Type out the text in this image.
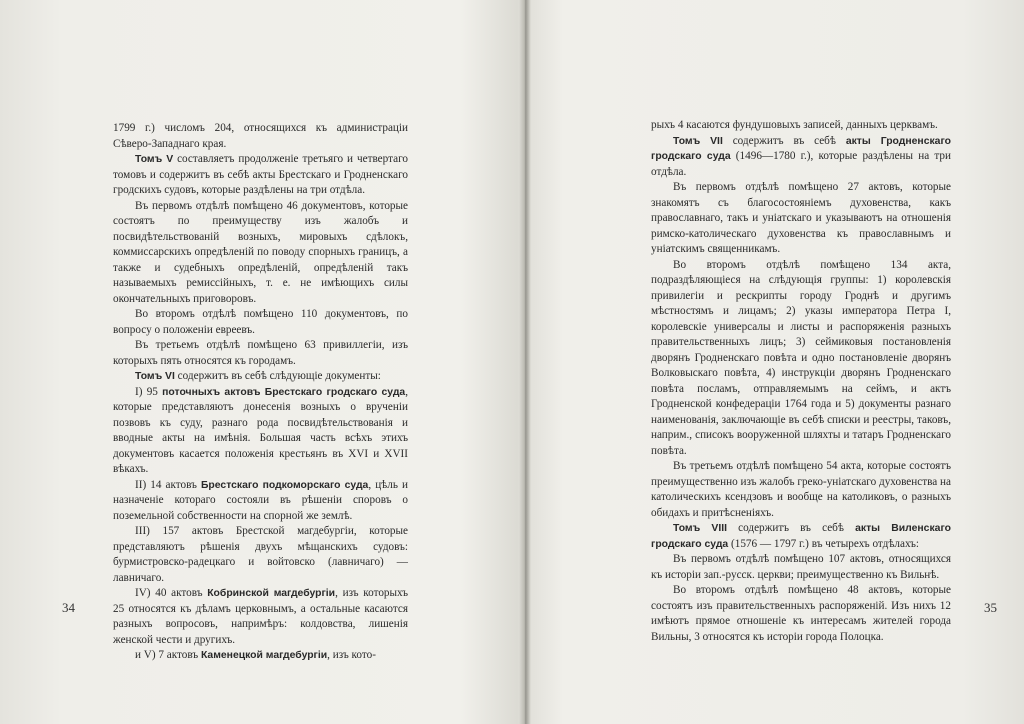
1799 г.) числомъ 204, относящихся къ администраціи Сѣверо-Западнаго края.

Томъ V составляетъ продолженіе третьяго и четвертаго томовъ и содержитъ въ себѣ акты Брестскаго и Гродненскаго гродскихъ судовъ, которые раздѣлены на три отдѣла.

Въ первомъ отдѣлѣ помѣщено 46 документовъ, которые состоятъ по преимуществу изъ жалобъ и посвидѣтельствованій возныхъ, мировыхъ сдѣлокъ, коммиссарскихъ опредѣленій по поводу спорныхъ границъ, а также и судебныхъ опредѣленій, опредѣленій такъ называемыхъ ремиссійныхъ, т. е. не имѣющихъ силы окончательныхъ приговоровъ.

Во второмъ отдѣлѣ помѣщено 110 документовъ, по вопросу о положеніи евреевъ.

Въ третьемъ отдѣлѣ помѣщено 63 привиллегіи, изъ которыхъ пять относятся къ городамъ.

Томъ VI содержитъ въ себѣ слѣдующіе документы:

I) 95 поточныхъ актовъ Брестскаго гродскаго суда, которые представляютъ донесенія возныхъ о врученіи позвовъ къ суду, разнаго рода посвидѣтельствованія и вводные акты на имѣнія. Большая часть всѣхъ этихъ документовъ касается положенія крестьянъ въ XVI и XVII вѣкахъ.

II) 14 актовъ Брестскаго подкоморскаго суда, цѣль и назначеніе котораго состояли въ рѣшеніи споровъ о поземельной собственности на спорной же землѣ.

III) 157 актовъ Брестской магдебургіи, которые представляютъ рѣшенія двухъ мѣщанскихъ судовъ: бурмистровско-радецкаго и войтовско (лавничаго) — лавничаго.

IV) 40 актовъ Кобринской магдебургіи, изъ которыхъ 25 относятся къ дѣламъ церковнымъ, а остальные касаются разныхъ вопросовъ, напримѣръ: колдовства, лишенія женской чести и другихъ.

и V) 7 актовъ Каменецкой магдебургіи, изъ кото-

34

рыхъ 4 касаются фундушовыхъ записей, данныхъ церквамъ.

Томъ VII содержитъ въ себѣ акты Гродненскаго гродскаго суда (1496—1780 г.), которые раздѣлены на три отдѣла.

Въ первомъ отдѣлѣ помѣщено 27 актовъ, которые знакомятъ съ благосостояніемъ духовенства, какъ православнаго, такъ и уніатскаго и указываютъ на отношенія римско-католическаго духовенства къ православнымъ и уніатскимъ священникамъ.

Во второмъ отдѣлѣ помѣщено 134 акта, подраздѣляющіеся на слѣдующія группы: 1) королевскія привилегіи и рескрипты городу Гроднѣ и другимъ мѣстностямъ и лицамъ; 2) указы императора Петра I, королевскіе универсалы и листы и распоряженія разныхъ правительственныхъ лицъ; 3) сеймиковыя постановленія дворянъ Гродненскаго повѣта и одно постановленіе дворянъ Волковыскаго повѣта, 4) инструкціи дворянъ Гродненскаго повѣта посламъ, отправляемымъ на сеймъ, и актъ Гродненской конфедераціи 1764 года и 5) документы разнаго наименованія, заключающіе въ себѣ списки и реестры, таковъ, наприм., списокъ вооруженной шляхты и татаръ Гродненскаго повѣта.

Въ третьемъ отдѣлѣ помѣщено 54 акта, которые состоятъ преимущественно изъ жалобъ греко-уніатскаго духовенства на католическихъ ксендзовъ и вообще на католиковъ, о разныхъ обидахъ и притѣсненіяхъ.

Томъ VIII содержитъ въ себѣ акты Виленскаго гродскаго суда (1576 — 1797 г.) въ четырехъ отдѣлахъ:

Въ первомъ отдѣлѣ помѣщено 107 актовъ, относящихся къ исторіи зап.-русск. церкви; преимущественно къ Вильнѣ.

Во второмъ отдѣлѣ помѣщено 48 актовъ, которые состоятъ изъ правительственныхъ распоряженій. Изъ нихъ 12 имѣютъ прямое отношеніе къ интересамъ жителей города Вильны, 3 относятся къ исторіи города Полоцка.

35
